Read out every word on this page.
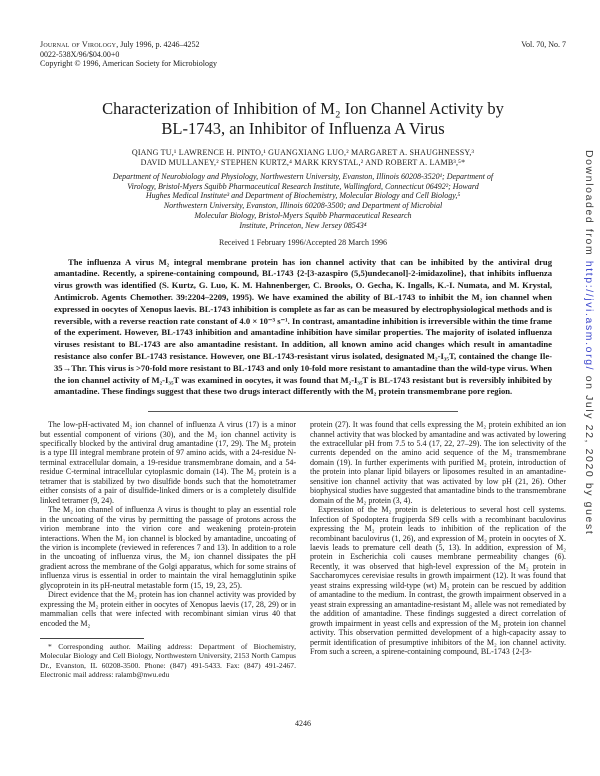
Journal of Virology, July 1996, p. 4246–4252
0022-538X/96/$04.00+0
Copyright © 1996, American Society for Microbiology
Vol. 70, No. 7
Characterization of Inhibition of M₂ Ion Channel Activity by
BL-1743, an Inhibitor of Influenza A Virus
QIANG TU,¹ LAWRENCE H. PINTO,¹ GUANGXIANG LUO,² MARGARET A. SHAUGHNESSY,³
DAVID MULLANEY,² STEPHEN KURTZ,⁴ MARK KRYSTAL,² AND ROBERT A. LAMB³,⁵*
Department of Neurobiology and Physiology, Northwestern University, Evanston, Illinois 60208-3520¹; Department of
Virology, Bristol-Myers Squibb Pharmaceutical Research Institute, Wallingford, Connecticut 06492²; Howard
Hughes Medical Institute³ and Department of Biochemistry, Molecular Biology and Cell Biology,⁵
Northwestern University, Evanston, Illinois 60208-3500; and Department of Microbial
Molecular Biology, Bristol-Myers Squibb Pharmaceutical Research
Institute, Princeton, New Jersey 08543⁴
Received 1 February 1996/Accepted 28 March 1996
The influenza A virus M₂ integral membrane protein has ion channel activity that can be inhibited by the antiviral drug amantadine. Recently, a spirene-containing compound, BL-1743 {2-[3-azaspiro (5,5)undecanol]-2-imidazoline}, that inhibits influenza virus growth was identified (S. Kurtz, G. Luo, K. M. Hahnenberger, C. Brooks, O. Gecha, K. Ingalls, K.-I. Numata, and M. Krystal, Antimicrob. Agents Chemother. 39:2204–2209, 1995). We have examined the ability of BL-1743 to inhibit the M₂ ion channel when expressed in oocytes of Xenopus laevis. BL-1743 inhibition is complete as far as can be measured by electrophysiological methods and is reversible, with a reverse reaction rate constant of 4.0 × 10⁻³ s⁻¹. In contrast, amantadine inhibition is irreversible within the time frame of the experiment. However, BL-1743 inhibition and amantadine inhibition have similar properties. The majority of isolated influenza viruses resistant to BL-1743 are also amantadine resistant. In addition, all known amino acid changes which result in amantadine resistance also confer BL-1743 resistance. However, one BL-1743-resistant virus isolated, designated M₂-I₃₅T, contained the change Ile-35→Thr. This virus is >70-fold more resistant to BL-1743 and only 10-fold more resistant to amantadine than the wild-type virus. When the ion channel activity of M₂-I₃₅T was examined in oocytes, it was found that M₂-I₃₅T is BL-1743 resistant but is reversibly inhibited by amantadine. These findings suggest that these two drugs interact differently with the M₂ protein transmembrane pore region.

The low-pH-activated M₂ ion channel of influenza A virus (17) is a minor but essential component of virions (30), and the M₂ ion channel activity is specifically blocked by the antiviral drug amantadine (17, 29). The M₂ protein is a type III integral membrane protein of 97 amino acids, with a 24-residue N-terminal extracellular domain, a 19-residue transmembrane domain, and a 54-residue C-terminal intracellular cytoplasmic domain (14). The M₂ protein is a tetramer that is stabilized by two disulfide bonds such that the homotetramer either consists of a pair of disulfide-linked dimers or is a completely disulfide linked tetramer (9, 24).

The M₂ ion channel of influenza A virus is thought to play an essential role in the uncoating of the virus by permitting the passage of protons across the virion membrane into the virion core and weakening protein-protein interactions. When the M₂ ion channel is blocked by amantadine, uncoating of the virion is incomplete (reviewed in references 7 and 13). In addition to a role in the uncoating of influenza virus, the M₂ ion channel dissipates the pH gradient across the membrane of the Golgi apparatus, which for some strains of influenza virus is essential in order to maintain the viral hemagglutinin spike glycoprotein in its pH-neutral metastable form (15, 19, 23, 25).

Direct evidence that the M₂ protein has ion channel activity was provided by expressing the M₂ protein either in oocytes of Xenopus laevis (17, 28, 29) or in mammalian cells that were infected with recombinant simian virus 40 that encoded the M₂

* Corresponding author. Mailing address: Department of Biochemistry, Molecular Biology and Cell Biology, Northwestern University, 2153 North Campus Dr., Evanston, IL 60208-3500. Phone: (847) 491-5433. Fax: (847) 491-2467. Electronic mail address: ralamb@nwu.edu

protein (27). It was found that cells expressing the M₂ protein exhibited an ion channel activity that was blocked by amantadine and was activated by lowering the extracellular pH from 7.5 to 5.4 (17, 22, 27–29). The ion selectivity of the currents depended on the amino acid sequence of the M₂ transmembrane domain (19). In further experiments with purified M₂ protein, introduction of the protein into planar lipid bilayers or liposomes resulted in an amantadine-sensitive ion channel activity that was activated by low pH (21, 26). Other biophysical studies have suggested that amantadine binds to the transmembrane domain of the M₂ protein (3, 4).

Expression of the M₂ protein is deleterious to several host cell systems. Infection of Spodoptera frugiperda Sf9 cells with a recombinant baculovirus expressing the M₂ protein leads to inhibition of the replication of the recombinant baculovirus (1, 26), and expression of M₂ protein in oocytes of X. laevis leads to premature cell death (5, 13). In addition, expression of M₂ protein in Escherichia coli causes membrane permeability changes (6). Recently, it was observed that high-level expression of the M₂ protein in Saccharomyces cerevisiae results in growth impairment (12). It was found that yeast strains expressing wild-type (wt) M₂ protein can be rescued by addition of amantadine to the medium. In contrast, the growth impairment observed in a yeast strain expressing an amantadine-resistant M₂ allele was not remediated by the addition of amantadine. These findings suggested a direct correlation of growth impairment in yeast cells and expression of the M₂ protein ion channel activity. This observation permitted development of a high-capacity assay to permit identification of presumptive inhibitors of the M₂ ion channel activity. From such a screen, a spirene-containing compound, BL-1743 {2-[3-

4246
Downloaded from http://jvi.asm.org/ on July 22, 2020 by guest
